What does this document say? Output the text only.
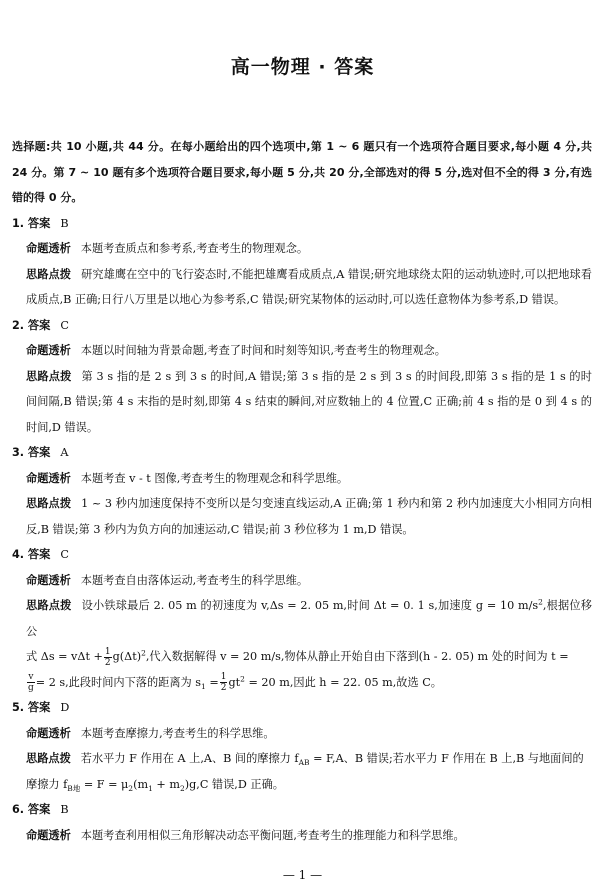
高一物理 · 答案

选择题:共 10 小题,共 44 分。在每小题给出的四个选项中,第 1 ~ 6 题只有一个选项符合题目要求,每小题 4 分,共 24 分。第 7 ~ 10 题有多个选项符合题目要求,每小题 5 分,共 20 分,全部选对的得 5 分,选对但不全的得 3 分,有选错的得 0 分。

1. 答案 B

命题透析 本题考查质点和参考系,考查考生的物理观念。

思路点拨 研究雄鹰在空中的飞行姿态时,不能把雄鹰看成质点,A 错误;研究地球绕太阳的运动轨迹时,可以把地球看成质点,B 正确;日行八万里是以地心为参考系,C 错误;研究某物体的运动时,可以选任意物体为参考系,D 错误。

2. 答案 C

命题透析 本题以时间轴为背景命题,考查了时间和时刻等知识,考查考生的物理观念。

思路点拨 第 3 s 指的是 2 s 到 3 s 的时间,A 错误;第 3 s 指的是 2 s 到 3 s 的时间段,即第 3 s 指的是 1 s 的时间间隔,B 错误;第 4 s 末指的是时刻,即第 4 s 结束的瞬间,对应数轴上的 4 位置,C 正确;前 4 s 指的是 0 到 4 s 的时间,D 错误。

3. 答案 A

命题透析 本题考查 v - t 图像,考查考生的物理观念和科学思维。

思路点拨 1 ~ 3 秒内加速度保持不变所以是匀变速直线运动,A 正确;第 1 秒内和第 2 秒内加速度大小相同方向相反,B 错误;第 3 秒内为负方向的加速运动,C 错误;前 3 秒位移为 1 m,D 错误。

4. 答案 C

命题透析 本题考查自由落体运动,考查考生的科学思维。

思路点拨 设小铁球最后 2. 05 m 的初速度为 v,Δs = 2. 05 m,时间 Δt = 0. 1 s,加速度 g = 10 $m/s^2$,根据位移公

式 $\Delta s = v\Delta t + \frac{1}{2} g(\Delta t)^2$,代入数据解得 v = 20 m/s,物体从静止开始自由下落到(h - 2. 05) m 处的时间为 t =

$\frac{v}{g} = 2$ s,此段时间内下落的距离为 $s_1 = \frac{1}{2} gt^2 = 20$ m,因此 h = 22. 05 m,故选 C。

5. 答案 D

命题透析 本题考查摩擦力,考查考生的科学思维。

思路点拨 若水平力 F 作用在 A 上,A、B 间的摩擦力 $f_{AB} = F,A$、B 错误;若水平力 F 作用在 B 上,B 与地面间的

摩擦力 $f_{B地} = F = \mu_2(m_1 + m_2)g,C$ 错误,D 正确。

6. 答案 B

命题透析 本题考查利用相似三角形解决动态平衡问题,考查考生的推理能力和科学思维。

— 1 —
